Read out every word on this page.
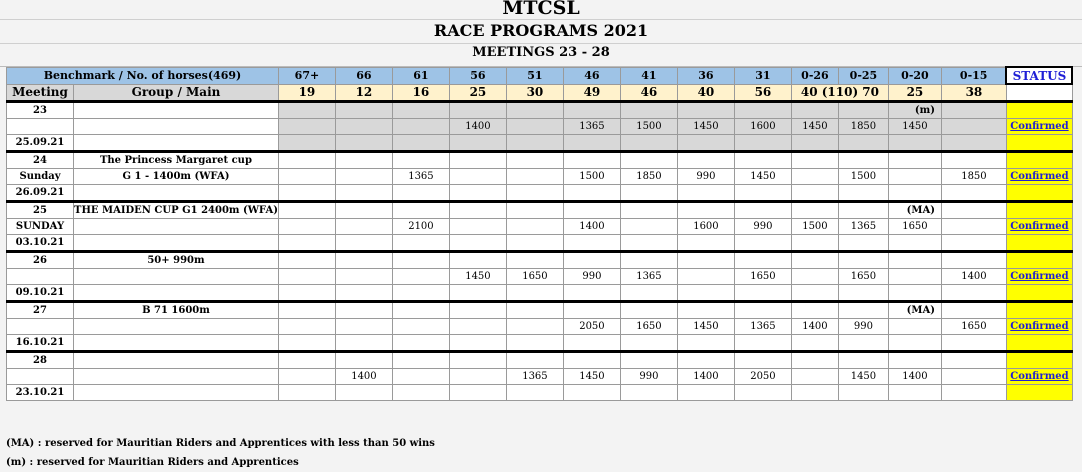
MTCSL
RACE PROGRAMS 2021
MEETINGS 23 - 28
Benchmark / No. of horses(469)		67+	66	61	56	51	46	41	36	31	0-26	0-25	0-20	0-15	STATUS
Meeting	Group / Main	19	12	16	25	30	49	46	40	56	40 (110) 70		25	38	
23													(m)		
					1400		1365	1500	1450	1600	1450	1850	1450		Confirmed
25.09.21															
24	The Princess Margaret cup														
Sunday	G 1 - 1400m (WFA)			1365			1500	1850	990	1450		1500		1850	Confirmed
26.09.21															
25	THE MAIDEN CUP G1 2400m (WFA)												(MA)		
SUNDAY				2100			1400		1600	990	1500	1365	1650		Confirmed
03.10.21															
26	50+ 990m														
					1450	1650	990	1365		1650		1650		1400	Confirmed
09.10.21															
27	B 71 1600m												(MA)		
							2050	1650	1450	1365	1400	990		1650	Confirmed
16.10.21															
28															
			1400			1365	1450	990	1400	2050		1450	1400		Confirmed
23.10.21															
(MA) : reserved for Mauritian Riders and Apprentices with less than 50 wins
(m) : reserved for Mauritian Riders and Apprentices
